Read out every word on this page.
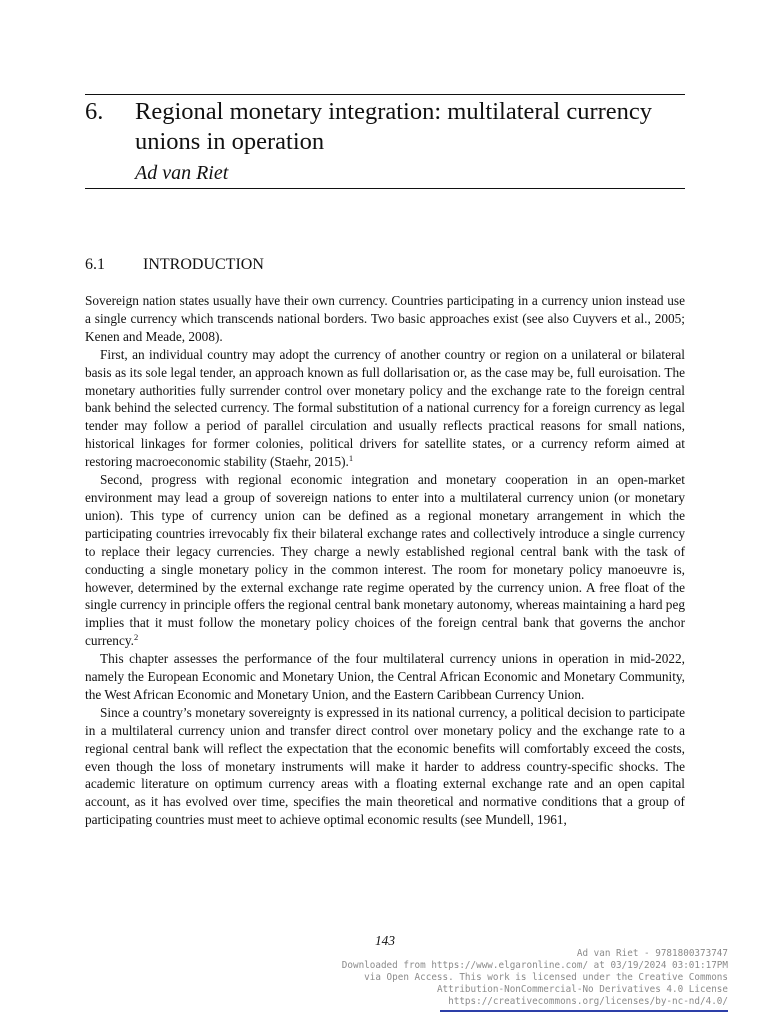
6. Regional monetary integration: multilateral currency unions in operation
Ad van Riet
6.1 INTRODUCTION

Sovereign nation states usually have their own currency. Countries participating in a currency union instead use a single currency which transcends national borders. Two basic approaches exist (see also Cuyvers et al., 2005; Kenen and Meade, 2008).

First, an individual country may adopt the currency of another country or region on a unilateral or bilateral basis as its sole legal tender, an approach known as full dollarisation or, as the case may be, full euroisation. The monetary authorities fully surrender control over monetary policy and the exchange rate to the foreign central bank behind the selected currency. The formal substitution of a national currency for a foreign currency as legal tender may follow a period of parallel circulation and usually reflects practical reasons for small nations, historical linkages for former colonies, political drivers for satellite states, or a currency reform aimed at restoring macroeconomic stability (Staehr, 2015).$^1$

Second, progress with regional economic integration and monetary cooperation in an open-market environment may lead a group of sovereign nations to enter into a multilateral currency union (or monetary union). This type of currency union can be defined as a regional monetary arrangement in which the participating countries irrevocably fix their bilateral exchange rates and collectively introduce a single currency to replace their legacy currencies. They charge a newly established regional central bank with the task of conducting a single monetary policy in the common interest. The room for monetary policy manoeuvre is, however, determined by the external exchange rate regime operated by the currency union. A free float of the single currency in principle offers the regional central bank monetary autonomy, whereas maintaining a hard peg implies that it must follow the monetary policy choices of the foreign central bank that governs the anchor currency.$^2$

This chapter assesses the performance of the four multilateral currency unions in operation in mid-2022, namely the European Economic and Monetary Union, the Central African Economic and Monetary Community, the West African Economic and Monetary Union, and the Eastern Caribbean Currency Union.

Since a country’s monetary sovereignty is expressed in its national currency, a political decision to participate in a multilateral currency union and transfer direct control over monetary policy and the exchange rate to a regional central bank will reflect the expectation that the economic benefits will comfortably exceed the costs, even though the loss of monetary instruments will make it harder to address country-specific shocks. The academic literature on optimum currency areas with a floating external exchange rate and an open capital account, as it has evolved over time, specifies the main theoretical and normative conditions that a group of participating countries must meet to achieve optimal economic results (see Mundell, 1961,

143
Ad van Riet - 9781800373747
Downloaded from https://www.elgaronline.com/ at 03/19/2024 03:01:17PM
via Open Access. This work is licensed under the Creative Commons
Attribution-NonCommercial-No Derivatives 4.0 License
https://creativecommons.org/licenses/by-nc-nd/4.0/
